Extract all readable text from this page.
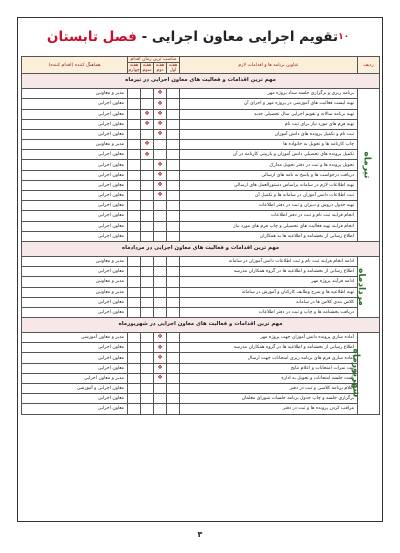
۱۰
تقویم اجرایی معاون اجرایی
-
فصل تابستان
ردیف	عناوین برنامه ها و اقدامات لازم	مناسب ترین زمان اقدام				هماهنگ کننده (اقدام کننده)
		هفته اول	هفته دوم	هفته سوم	هفته چهارم	
مهم ترین اقدامات و فعالیت های معاون اجرایی در تیرماه						
تیرماه	برنامه ریزی و برگزاری جلسه ستاد پروژه مهر		❖			مدیر و معاونین
	تهیه لیست فعالیت های آموزشی در پروژه مهر و اجرای آن		❖			معاون اجرایی
	تهیه برنامه سالانه و تقویم اجرایی سال تحصیلی جدید		❖	❖		معاون اجرایی
	تهیه فرم های مورد نیاز برای ثبت نام		❖	❖		معاون اجرایی
	ثبت نام و تکمیل پرونده های دانش آموزان		❖			معاون اجرایی
	چاپ کارنامه ها و تحویل به خانواده ها			❖		مدیر و معاونین
	تکمیل پرونده های تحصیلی دانش آموزان و بازبینی کارنامه در آن			❖		معاون اجرایی
	تحویل پرونده ها و ثبت در دفتر تحویل مدارک		❖			معاون اجرایی
	دریافت درخواست ها و پاسخ به نامه های ارسالی		❖			معاون اجرایی
	تهیه اطلاعات لازم در سامانه براساس دستورالعمل های ارسالی		❖			معاون اجرایی
	ثبت اطلاعات دانش آموزان در سامانه ها و تکمیل آن		❖			معاون اجرایی
	تهیه جدول دروس و دبیران و ثبت در دفتر اطلاعات					معاون اجرایی
	انجام فرایند ثبت نام و ثبت در دفتر اطلاعات					معاون اجرایی
	انجام فرایند تهیه فعالیت های تحصیلی و چاپ فرم های مورد نیاز					معاون اجرایی
	اطلاع رسانی از بخشنامه و اطلاعیه ها به همکاران					معاون اجرایی
مهم ترین اقدامات و فعالیت های معاون اجرایی در مردادماه						
مردادماه	ادامه انجام فرایند ثبت نام و ثبت اطلاعات دانش آموزان در سامانه					مدیر و معاونین
	اطلاع رسانی از بخشنامه و اطلاعیه ها در گروه همکاران مدرسه					معاون اجرایی
	ادامه فرآیند پروژه مهر					مدیر و معاونین
	تهیه اطلاعیه ها و شرح وظایف کارکنان و آموزش در سامانه					مدیر و معاونین
	کلاس بندی کلاس ها در سامانه					معاون اجرایی
	دریافت بخشنامه ها و چاپ و ثبت در دفتر اطلاعات					معاون اجرایی
مهم ترین اقدامات و فعالیت های معاون اجرایی در شهریورماه						
شهریورماه	آماده سازی پرونده دانش آموزان جهت پروژه مهر		❖			مدیر و معاون آموزشی
	اطلاع رسانی از بخشنامه و اطلاعیه ها در گروه همکاران مدرسه		❖			معاون اجرایی
	آماده سازی فرم های برنامه ریزی امتحانات جهت ارسال		❖			معاون اجرایی
	ثبت نمرات امتحانات و اعلام نتایج		❖			معاون اجرایی
	پست جلسه امتحانات و تحویل به اداره		❖			مدیر و معاون اجرایی
	اعلام برنامه کلاسی و ثبت در دفتر					معاون اجرایی و آموزشی
	برگزاری جلسه و چاپ جدول برنامه جلسات شورای معلمان					معاون اجرایی
	مراقب کردن پرونده ها و ثبت در دفتر					معاون اجرایی
۳
